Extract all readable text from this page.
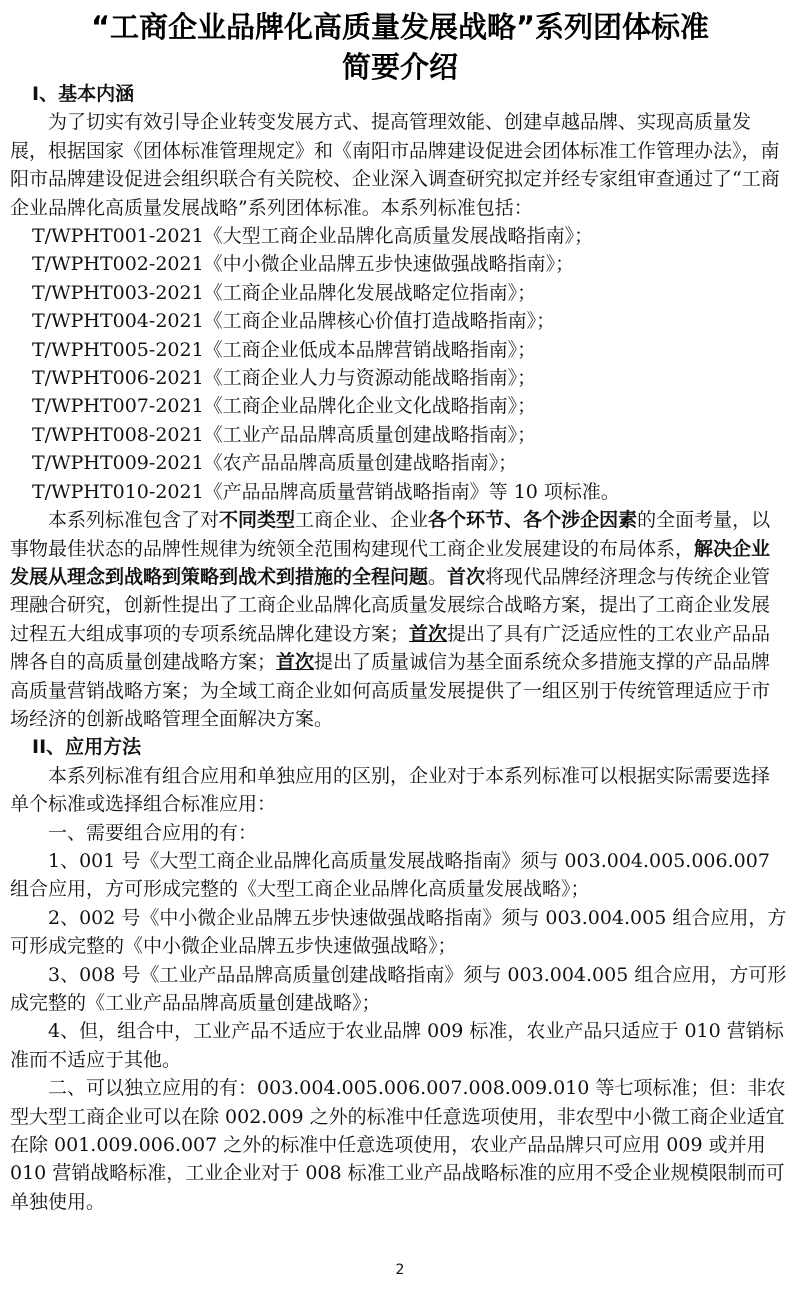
“工商企业品牌化高质量发展战略”系列团体标准
简要介绍

I、基本内涵

为了切实有效引导企业转变发展方式、提高管理效能、创建卓越品牌、实现高质量发展，根据国家《团体标准管理规定》和《南阳市品牌建设促进会团体标准工作管理办法》，南阳市品牌建设促进会组织联合有关院校、企业深入调查研究拟定并经专家组审查通过了“工商企业品牌化高质量发展战略”系列团体标准。本系列标准包括：

T/WPHT001-2021《大型工商企业品牌化高质量发展战略指南》；

T/WPHT002-2021《中小微企业品牌五步快速做强战略指南》；

T/WPHT003-2021《工商企业品牌化发展战略定位指南》；

T/WPHT004-2021《工商企业品牌核心价值打造战略指南》；

T/WPHT005-2021《工商企业低成本品牌营销战略指南》；

T/WPHT006-2021《工商企业人力与资源动能战略指南》；

T/WPHT007-2021《工商企业品牌化企业文化战略指南》；

T/WPHT008-2021《工业产品品牌高质量创建战略指南》；

T/WPHT009-2021《农产品品牌高质量创建战略指南》；

T/WPHT010-2021《产品品牌高质量营销战略指南》等 10 项标准。

本系列标准包含了对不同类型工商企业、企业各个环节、各个涉企因素的全面考量，以事物最佳状态的品牌性规律为统领全范围构建现代工商企业发展建设的布局体系，解决企业发展从理念到战略到策略到战术到措施的全程问题。首次将现代品牌经济理念与传统企业管理融合研究，创新性提出了工商企业品牌化高质量发展综合战略方案，提出了工商企业发展过程五大组成事项的专项系统品牌化建设方案；首次提出了具有广泛适应性的工农业产品品牌各自的高质量创建战略方案；首次提出了质量诚信为基全面系统众多措施支撑的产品品牌高质量营销战略方案；为全域工商企业如何高质量发展提供了一组区别于传统管理适应于市场经济的创新战略管理全面解决方案。

II、应用方法

本系列标准有组合应用和单独应用的区别，企业对于本系列标准可以根据实际需要选择单个标准或选择组合标准应用：

一、需要组合应用的有：

1、001 号《大型工商企业品牌化高质量发展战略指南》须与 003.004.005.006.007 组合应用，方可形成完整的《大型工商企业品牌化高质量发展战略》；

2、002 号《中小微企业品牌五步快速做强战略指南》须与 003.004.005 组合应用，方可形成完整的《中小微企业品牌五步快速做强战略》；

3、008 号《工业产品品牌高质量创建战略指南》须与 003.004.005 组合应用，方可形成完整的《工业产品品牌高质量创建战略》；

4、但，组合中，工业产品不适应于农业品牌 009 标准，农业产品只适应于 010 营销标准而不适应于其他。

二、可以独立应用的有：003.004.005.006.007.008.009.010 等七项标准；但：非农型大型工商企业可以在除 002.009 之外的标准中任意选项使用，非农型中小微工商企业适宜在除 001.009.006.007 之外的标准中任意选项使用，农业产品品牌只可应用 009 或并用 010 营销战略标准，工业企业对于 008 标准工业产品战略标准的应用不受企业规模限制而可单独使用。

2
